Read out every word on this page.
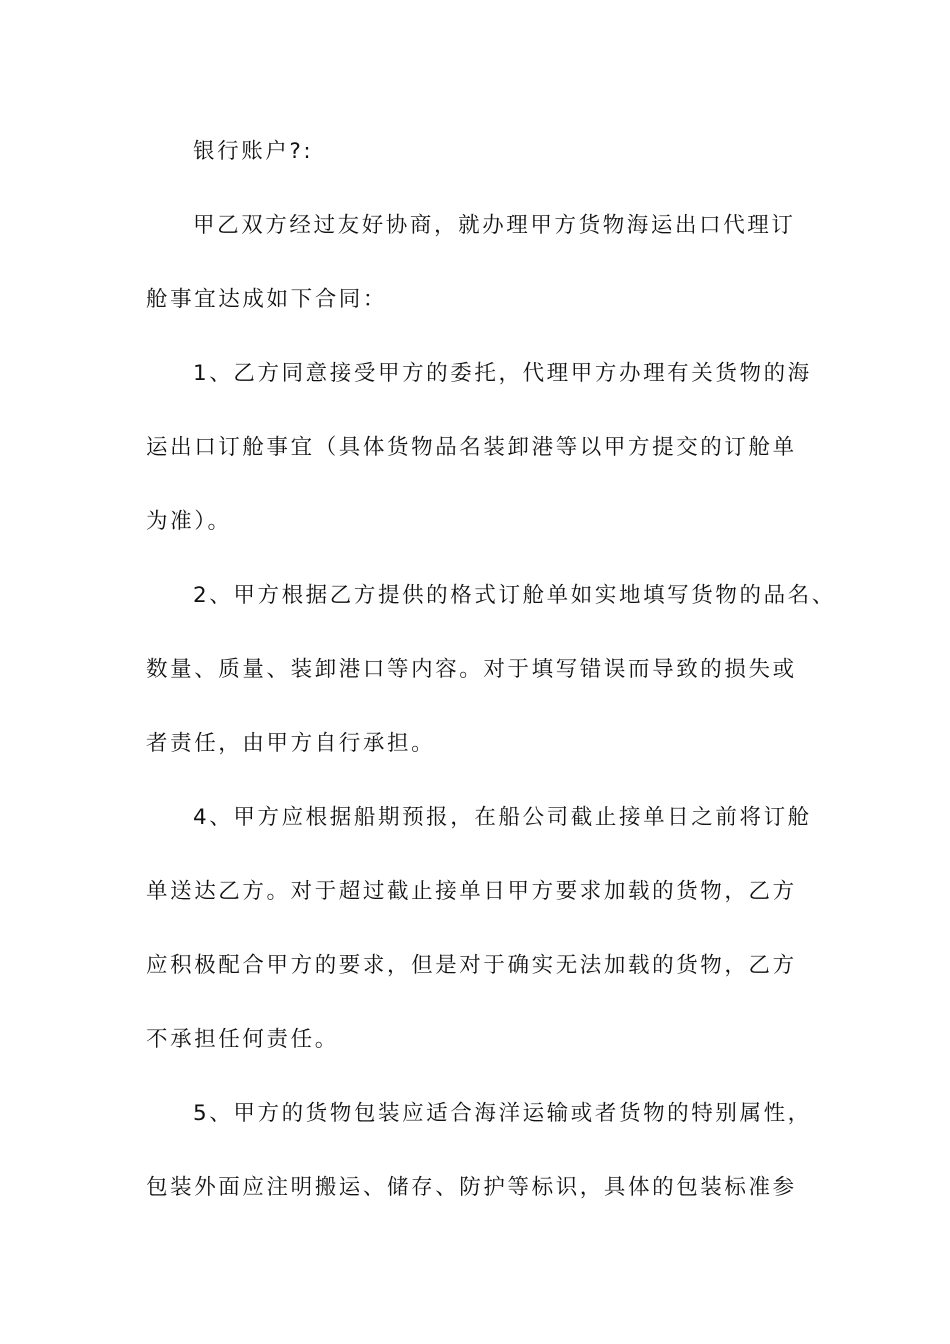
银行账户?:
甲乙双方经过友好协商，就办理甲方货物海运出口代理订
舱事宜达成如下合同：
1、乙方同意接受甲方的委托，代理甲方办理有关货物的海
运出口订舱事宜（具体货物品名装卸港等以甲方提交的订舱单
为准）。
2、甲方根据乙方提供的格式订舱单如实地填写货物的品名、
数量、质量、装卸港口等内容。对于填写错误而导致的损失或
者责任，由甲方自行承担。
4、甲方应根据船期预报，在船公司截止接单日之前将订舱
单送达乙方。对于超过截止接单日甲方要求加载的货物，乙方
应积极配合甲方的要求，但是对于确实无法加载的货物，乙方
不承担任何责任。
5、甲方的货物包装应适合海洋运输或者货物的特别属性，
包装外面应注明搬运、储存、防护等标识，具体的包装标准参
